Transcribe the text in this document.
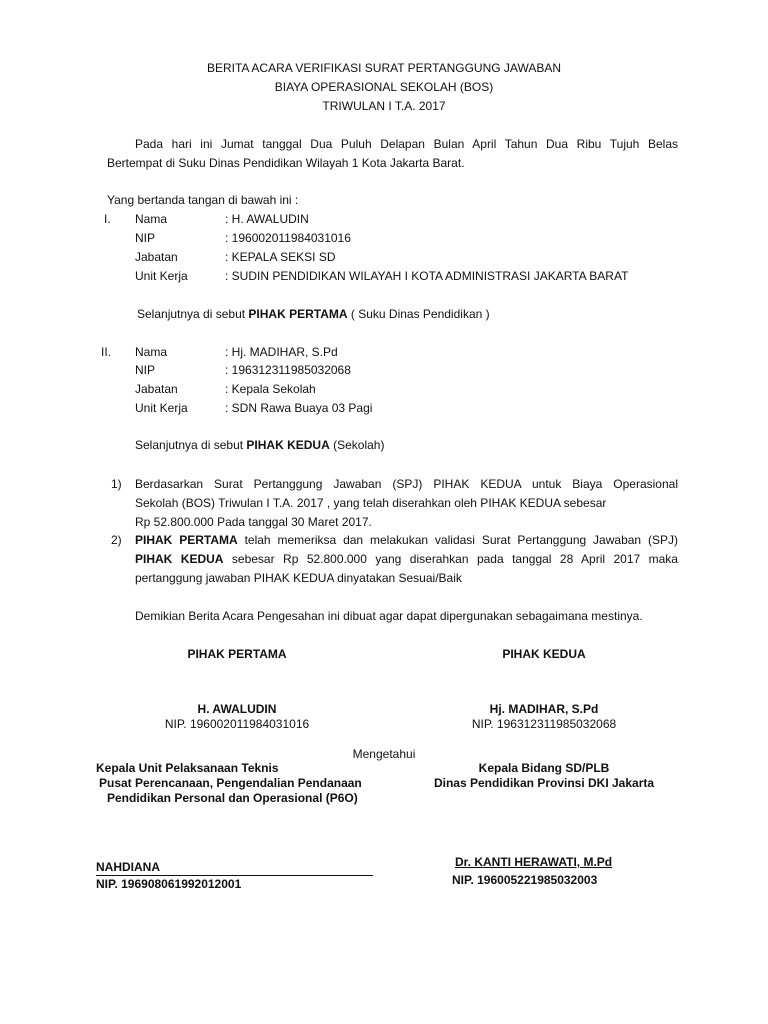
BERITA ACARA VERIFIKASI SURAT PERTANGGUNG JAWABAN
BIAYA OPERASIONAL SEKOLAH (BOS)
TRIWULAN I T.A. 2017
Pada hari ini Jumat tanggal Dua Puluh Delapan Bulan April Tahun Dua Ribu Tujuh Belas
Bertempat di Suku Dinas Pendidikan Wilayah 1 Kota Jakarta Barat.
Yang bertanda tangan di bawah ini :
I. Nama	: H. AWALUDIN
NIP	: 196002011984031016
Jabatan	: KEPALA SEKSI SD
Unit Kerja	: SUDIN PENDIDIKAN WILAYAH I KOTA ADMINISTRASI JAKARTA BARAT
Selanjutnya di sebut PIHAK PERTAMA ( Suku Dinas Pendidikan )
II. Nama	: Hj. MADIHAR, S.Pd
NIP	: 196312311985032068
Jabatan	: Kepala Sekolah
Unit Kerja	: SDN Rawa Buaya 03 Pagi
Selanjutnya di sebut PIHAK KEDUA (Sekolah)
1) Berdasarkan Surat Pertanggung Jawaban (SPJ) PIHAK KEDUA untuk Biaya Operasional
Sekolah (BOS) Triwulan I T.A. 2017 , yang telah diserahkan oleh PIHAK KEDUA sebesar
Rp 52.800.000 Pada tanggal 30 Maret 2017.
2) PIHAK PERTAMA telah memeriksa dan melakukan validasi Surat Pertanggung Jawaban (SPJ)
PIHAK KEDUA sebesar Rp 52.800.000 yang diserahkan pada tanggal 28 April 2017 maka
pertanggung jawaban PIHAK KEDUA dinyatakan Sesuai/Baik
Demikian Berita Acara Pengesahan ini dibuat agar dapat dipergunakan sebagaimana mestinya.
PIHAK PERTAMA	PIHAK KEDUA
H. AWALUDIN
NIP. 196002011984031016
Hj. MADIHAR, S.Pd
NIP. 196312311985032068
Mengetahui
Kepala Unit Pelaksanaan Teknis
Pusat Perencanaan, Pengendalian Pendanaan
Pendidikan Personal dan Operasional (P6O)
Kepala Bidang SD/PLB
Dinas Pendidikan Provinsi DKI Jakarta
NAHDIANA
NIP. 196908061992012001
Dr. KANTI HERAWATI, M.Pd
NIP. 196005221985032003
